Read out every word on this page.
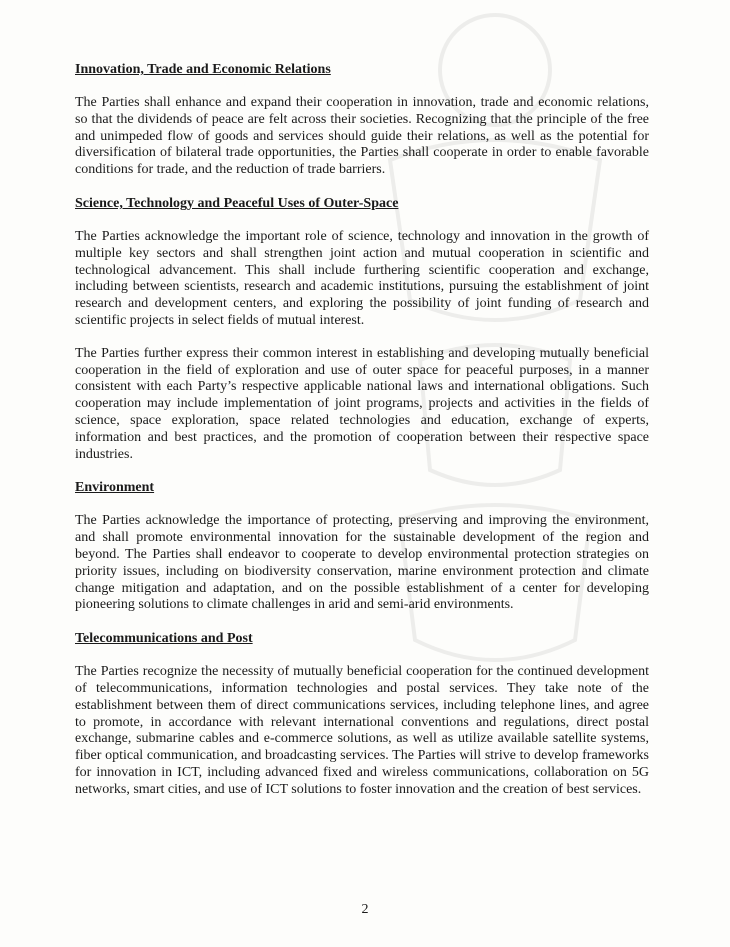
Innovation, Trade and Economic Relations

The Parties shall enhance and expand their cooperation in innovation, trade and economic relations, so that the dividends of peace are felt across their societies. Recognizing that the principle of the free and unimpeded flow of goods and services should guide their relations, as well as the potential for diversification of bilateral trade opportunities, the Parties shall cooperate in order to enable favorable conditions for trade, and the reduction of trade barriers.

Science, Technology and Peaceful Uses of Outer-Space

The Parties acknowledge the important role of science, technology and innovation in the growth of multiple key sectors and shall strengthen joint action and mutual cooperation in scientific and technological advancement. This shall include furthering scientific cooperation and exchange, including between scientists, research and academic institutions, pursuing the establishment of joint research and development centers, and exploring the possibility of joint funding of research and scientific projects in select fields of mutual interest.

The Parties further express their common interest in establishing and developing mutually beneficial cooperation in the field of exploration and use of outer space for peaceful purposes, in a manner consistent with each Party’s respective applicable national laws and international obligations. Such cooperation may include implementation of joint programs, projects and activities in the fields of science, space exploration, space related technologies and education, exchange of experts, information and best practices, and the promotion of cooperation between their respective space industries.

Environment

The Parties acknowledge the importance of protecting, preserving and improving the environment, and shall promote environmental innovation for the sustainable development of the region and beyond. The Parties shall endeavor to cooperate to develop environmental protection strategies on priority issues, including on biodiversity conservation, marine environment protection and climate change mitigation and adaptation, and on the possible establishment of a center for developing pioneering solutions to climate challenges in arid and semi-arid environments.

Telecommunications and Post

The Parties recognize the necessity of mutually beneficial cooperation for the continued development of telecommunications, information technologies and postal services. They take note of the establishment between them of direct communications services, including telephone lines, and agree to promote, in accordance with relevant international conventions and regulations, direct postal exchange, submarine cables and e-commerce solutions, as well as utilize available satellite systems, fiber optical communication, and broadcasting services. The Parties will strive to develop frameworks for innovation in ICT, including advanced fixed and wireless communications, collaboration on 5G networks, smart cities, and use of ICT solutions to foster innovation and the creation of best services.

2
